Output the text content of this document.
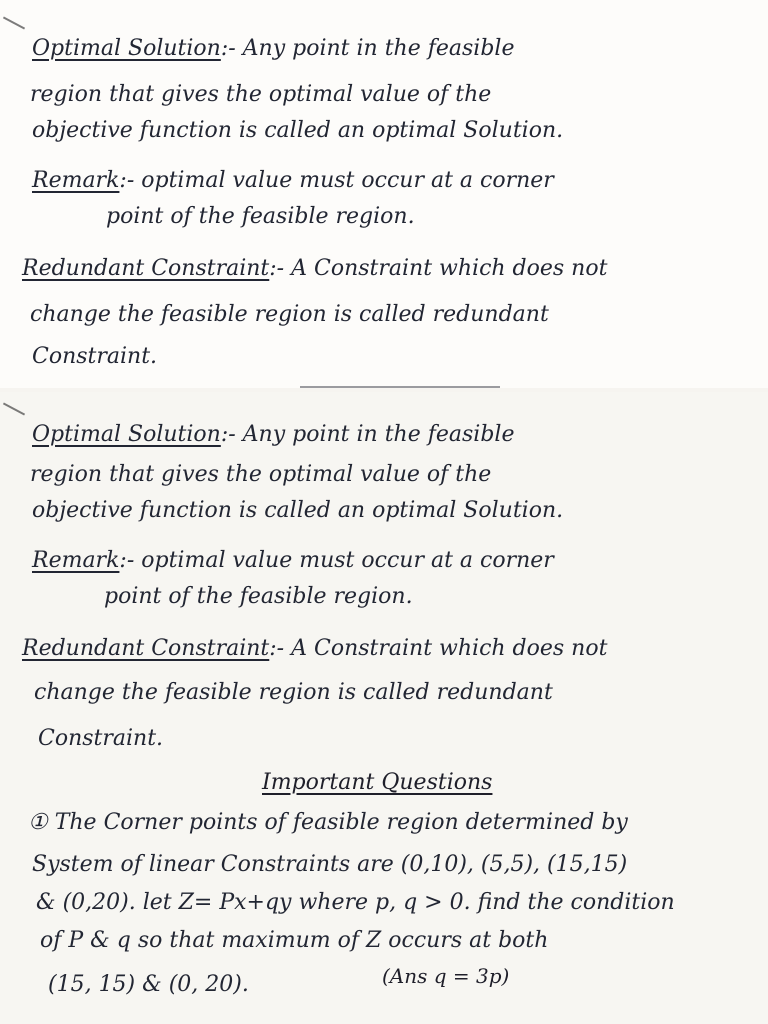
Optimal Solution:- Any point in the feasible

region that gives the optimal value of the

objective function is called an optimal Solution.

Remark:- optimal value must occur at a corner

point of the feasible region.

Redundant Constraint:- A Constraint which does not

change the feasible region is called redundant

Constraint.

Optimal Solution:- Any point in the feasible

region that gives the optimal value of the

objective function is called an optimal Solution.

Remark:- optimal value must occur at a corner

point of the feasible region.

Redundant Constraint:- A Constraint which does not

change the feasible region is called redundant

Constraint.

Important Questions

① The Corner points of feasible region determined by

System of linear Constraints are (0,10), (5,5), (15,15)

& (0,20). let Z= Px+qy where p, q > 0. find the condition

of P & q so that maximum of Z occurs at both

(15, 15) & (0, 20).	(Ans q = 3p)
